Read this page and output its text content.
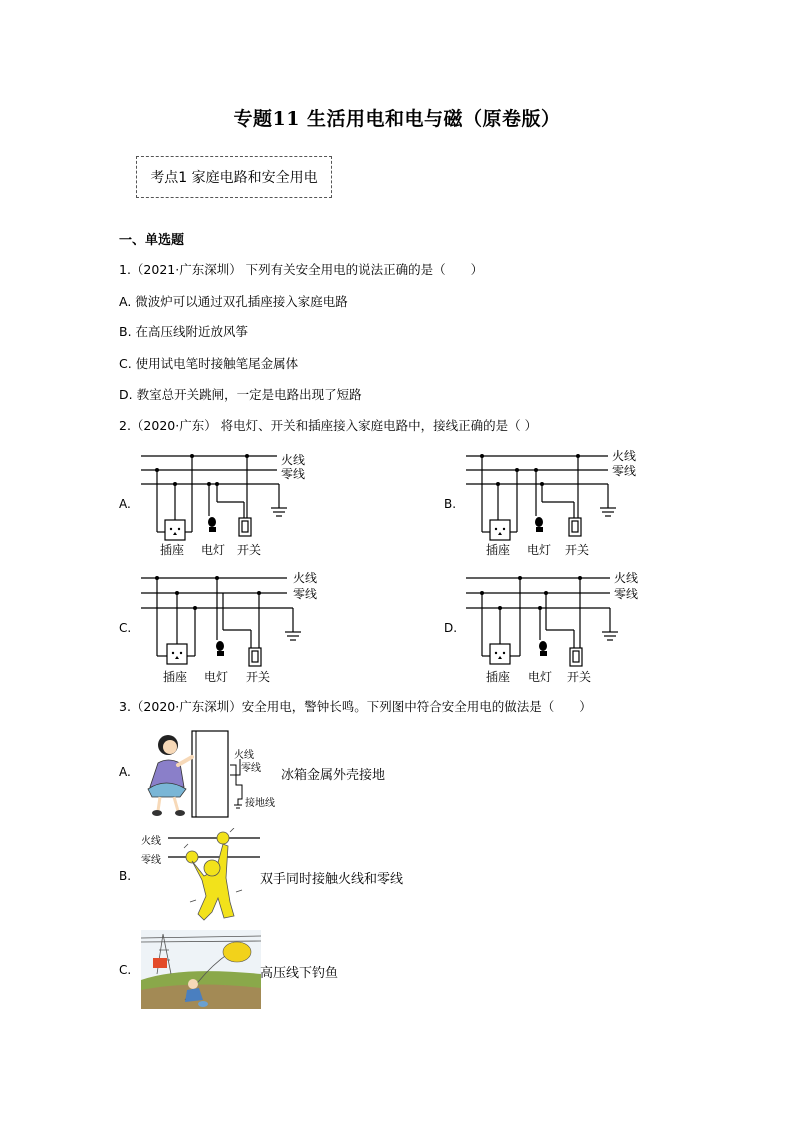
专题11 生活用电和电与磁（原卷版）
考点1 家庭电路和安全用电
一、单选题
1.（2021·广东深圳） 下列有关安全用电的说法正确的是（　　）
A. 微波炉可以通过双孔插座接入家庭电路
B. 在高压线附近放风筝
C. 使用试电笔时接触笔尾金属体
D. 教室总开关跳闸，一定是电路出现了短路
2.（2020·广东） 将电灯、开关和插座接入家庭电路中，接线正确的是（ ）
A.
火线
零线
插座 电灯 开关
B.
火线
零线
插座 电灯 开关
C.
火线
零线
插座 电灯 开关
D.
火线
零线
插座 电灯 开关
3.（2020·广东深圳）安全用电，警钟长鸣。下列图中符合安全用电的做法是（　　）
A.
火线
零线
接地线
冰箱金属外壳接地
B.
火线
零线
双手同时接触火线和零线
C.	高压线下钓鱼
